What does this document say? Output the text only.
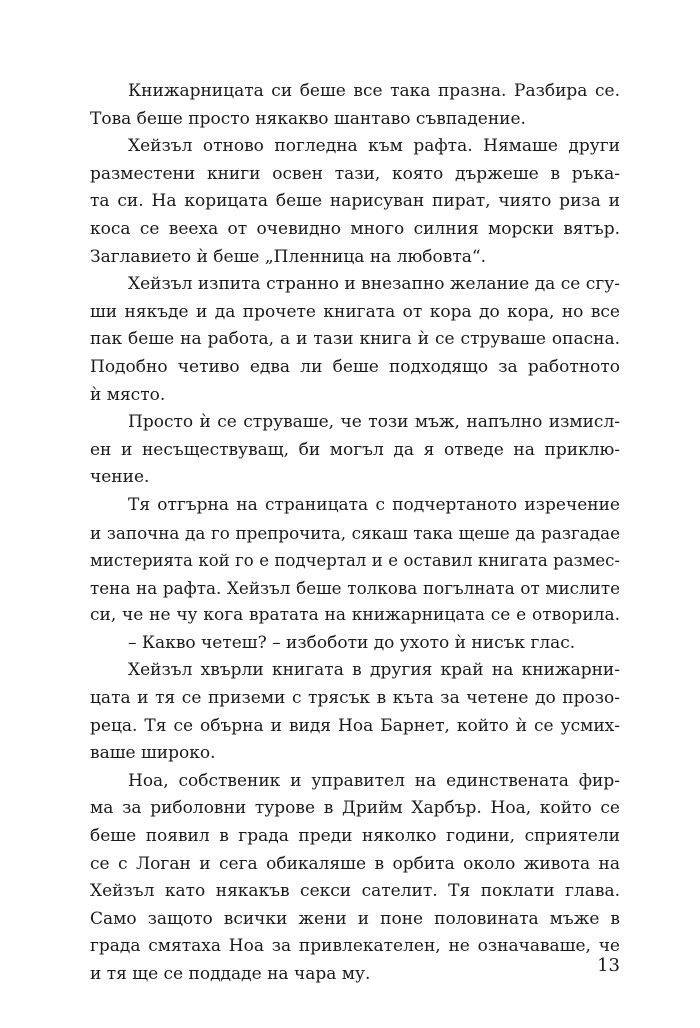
Книжарницата си беше все така празна. Разбира се.
Това беше просто някакво шантаво съвпадение.
Хейзъл отново погледна към рафта. Нямаше други
разместени книги освен тази, която държеше в ръка-
та си. На корицата беше нарисуван пират, чиято риза и
коса се вееха от очевидно много силния морски вятър.
Заглавието ѝ беше „Пленница на любовта“.
Хейзъл изпита странно и внезапно желание да се сгу-
ши някъде и да прочете книгата от кора до кора, но все
пак беше на работа, а и тази книга ѝ се струваше опасна.
Подобно четиво едва ли беше подходящо за работното
ѝ място.
Просто ѝ се струваше, че този мъж, напълно измисл-
ен и несъществуващ, би могъл да я отведе на приклю-
чение.
Тя отгърна на страницата с подчертаното изречение
и започна да го препрочита, сякаш така щеше да разгадае
мистерията кой го е подчертал и е оставил книгата размес-
тена на рафта. Хейзъл беше толкова погълната от мислите
си, че не чу кога вратата на книжарницата се е отворила.
– Какво четеш? – избоботи до ухото ѝ нисък глас.
Хейзъл хвърли книгата в другия край на книжарни-
цата и тя се приземи с трясък в кътa за четене до прозо-
реца. Тя се обърна и видя Ноа Барнет, който ѝ се усмих-
ваше широко.
Ноа, собственик и управител на единствената фир-
ма за риболовни турове в Дрийм Харбър. Ноа, който се
беше появил в града преди няколко години, сприятели
се с Логан и сега обикаляше в орбита около живота на
Хейзъл като някакъв секси сателит. Тя поклати глава.
Само защото всички жени и поне половината мъже в
града смятаха Ноа за привлекателен, не означаваше, че
и тя ще се поддаде на чара му.	13
